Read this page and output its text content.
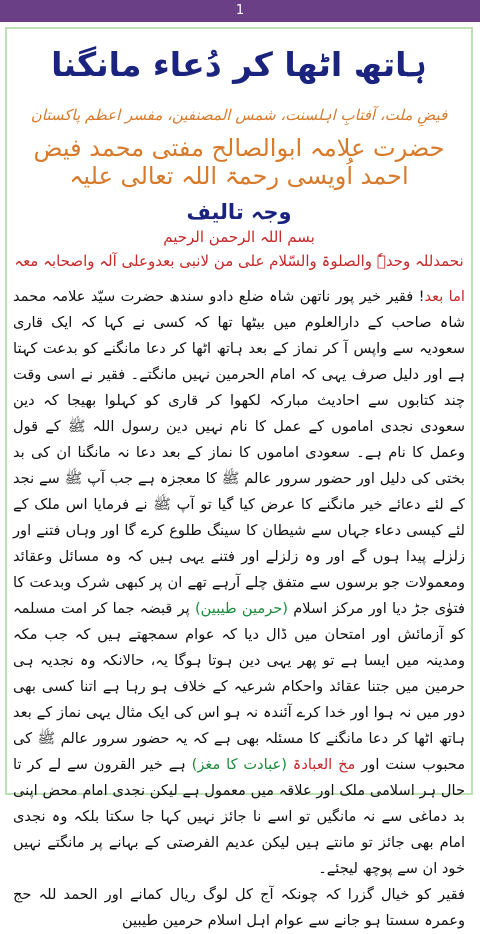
1
ہاتھ اٹھا کر دُعاء مانگنا
فیضِ ملت، آفتابِ اہلسنت، شمس المصنفین، مفسر اعظم پاکستان
حضرت علامہ ابوالصالح مفتی محمد فیض احمد اُویسی رحمۃ اللہ تعالی علیہ
وجہ تالیف
بسم اللہ الرحمن الرحیم
نحمدللہ وحدہٗ والصلوۃ والسّلام علی من لانبی بعدوعلی آلہ واصحابہ معہ
اما بعد! فقیر خیر پور ناتھن شاہ ضلع دادو سندھ حضرت سیّد علامہ محمد شاہ صاحب کے دارالعلوم میں بیٹھا تھا کہ کسی نے کہا کہ ایک قاری سعودیہ سے واپس آ کر نماز کے بعد ہاتھ اٹھا کر دعا مانگنے کو بدعت کہتا ہے اور دلیل صرف یہی کہ امام الحرمین نہیں مانگتے۔ فقیر نے اسی وقت چند کتابوں سے احادیث مبارکہ لکھوا کر قاری کو کہلوا بھیجا کہ دین سعودی نجدی اماموں کے عمل کا نام نہیں دین رسول اللہ ﷺ کے قول وعمل کا نام ہے۔ سعودی اماموں کا نماز کے بعد دعا نہ مانگنا ان کی بد بختی کی دلیل اور حضور سرور عالم ﷺ کا معجزہ ہے جب آپ ﷺ سے نجد کے لئے دعائے خیر مانگنے کا عرض کیا گیا تو آپ ﷺ نے فرمایا اس ملک کے لئے کیسی دعاء جہاں سے شیطان کا سینگ طلوع کرے گا اور وہاں فتنے اور زلزلے پیدا ہوں گے اور وہ زلزلے اور فتنے یہی ہیں کہ وہ مسائل وعقائد ومعمولات جو برسوں سے متفق چلے آرہے تھے ان پر کبھی شرک وبدعت کا فتوٰی جڑ دیا اور مرکز اسلام (حرمین طیبین) پر قبضہ جما کر امت مسلمہ کو آزمائش اور امتحان میں ڈال دیا کہ عوام سمجھتے ہیں کہ جب مکہ ومدینہ میں ایسا ہے تو پھر یہی دین ہوتا ہوگا یہ، حالانکہ وہ نجدیہ ہی حرمین میں جتنا عقائد واحکام شرعیہ کے خلاف ہو رہا ہے اتنا کسی بھی دور میں نہ ہوا اور خدا کرے آئندہ نہ ہو اس کی ایک مثال یہی نماز کے بعد ہاتھ اٹھا کر دعا مانگنے کا مسئلہ بھی ہے کہ یہ حضور سرور عالم ﷺ کی محبوب سنت اور مخ العبادۃ (عبادت کا مغز) ہے خیر القرون سے لے کر تا حال ہر اسلامی ملک اور علاقہ میں معمول ہے لیکن نجدی امام محض اپنی بد دماغی سے نہ مانگیں تو اسے نا جائز نہیں کہا جا سکتا بلکہ وہ نجدی امام بھی جائز تو مانتے ہیں لیکن عدیم الفرصتی کے بہانے پر مانگتے نہیں خود ان سے پوچھ لیجئے۔
فقیر کو خیال گزرا کہ چونکہ آج کل لوگ ریال کمانے اور الحمد للہ حج وعمرہ سستا ہو جانے سے عوام اہل اسلام حرمین طیبین
